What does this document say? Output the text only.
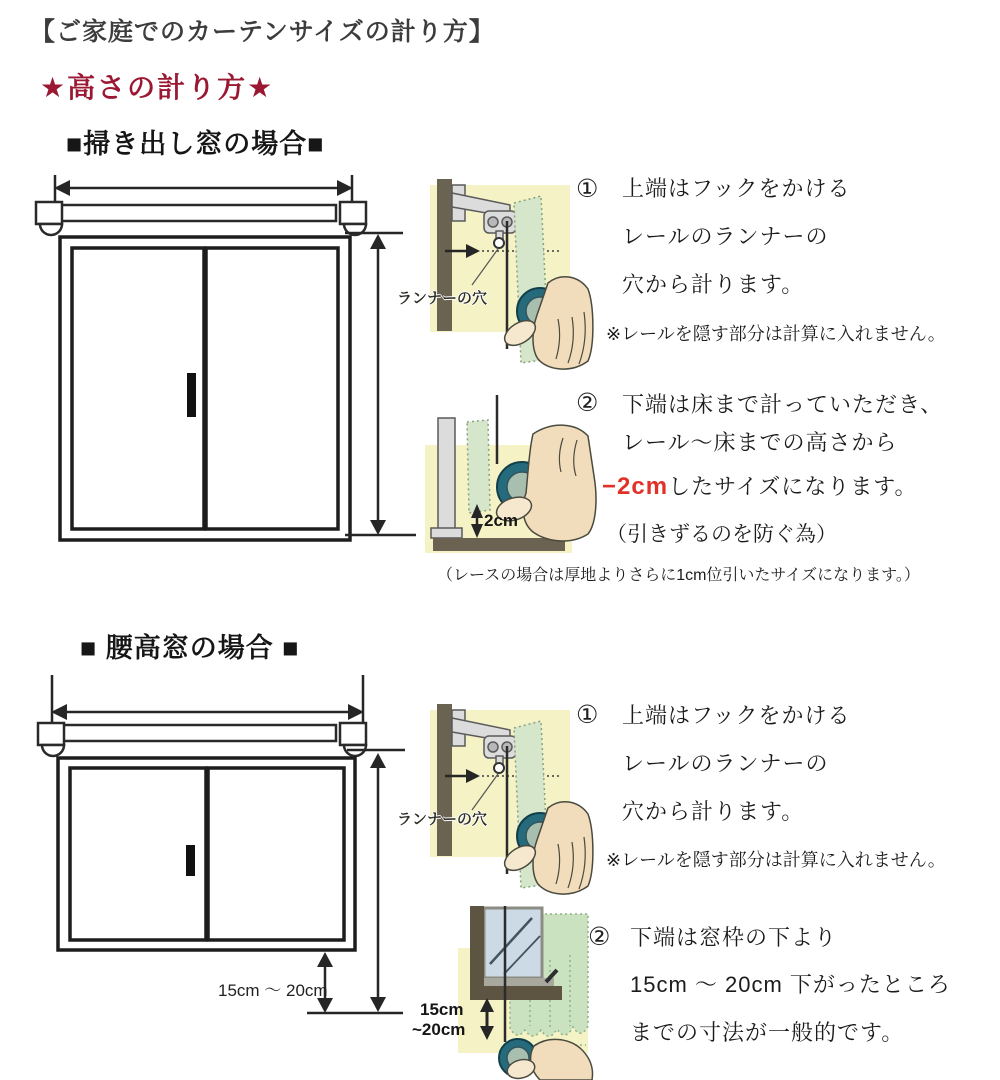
【ご家庭でのカーテンサイズの計り方】
★高さの計り方★
■掃き出し窓の場合■
ランナーの穴
① 上端はフックをかける
レールのランナーの
穴から計ります。
※レールを隠す部分は計算に入れません。
2cm
② 下端は床まで計っていただき、
レール～床までの高さから
−2cmしたサイズになります。
（引きずるのを防ぐ為）
（レースの場合は厚地よりさらに1cm位引いたサイズになります。）
■ 腰高窓の場合 ■
15cm ～ 20cm
ランナーの穴
① 上端はフックをかける
レールのランナーの
穴から計ります。
※レールを隠す部分は計算に入れません。
15cm
~20cm
② 下端は窓枠の下より
15cm ～ 20cm 下がったところ
までの寸法が一般的です。
